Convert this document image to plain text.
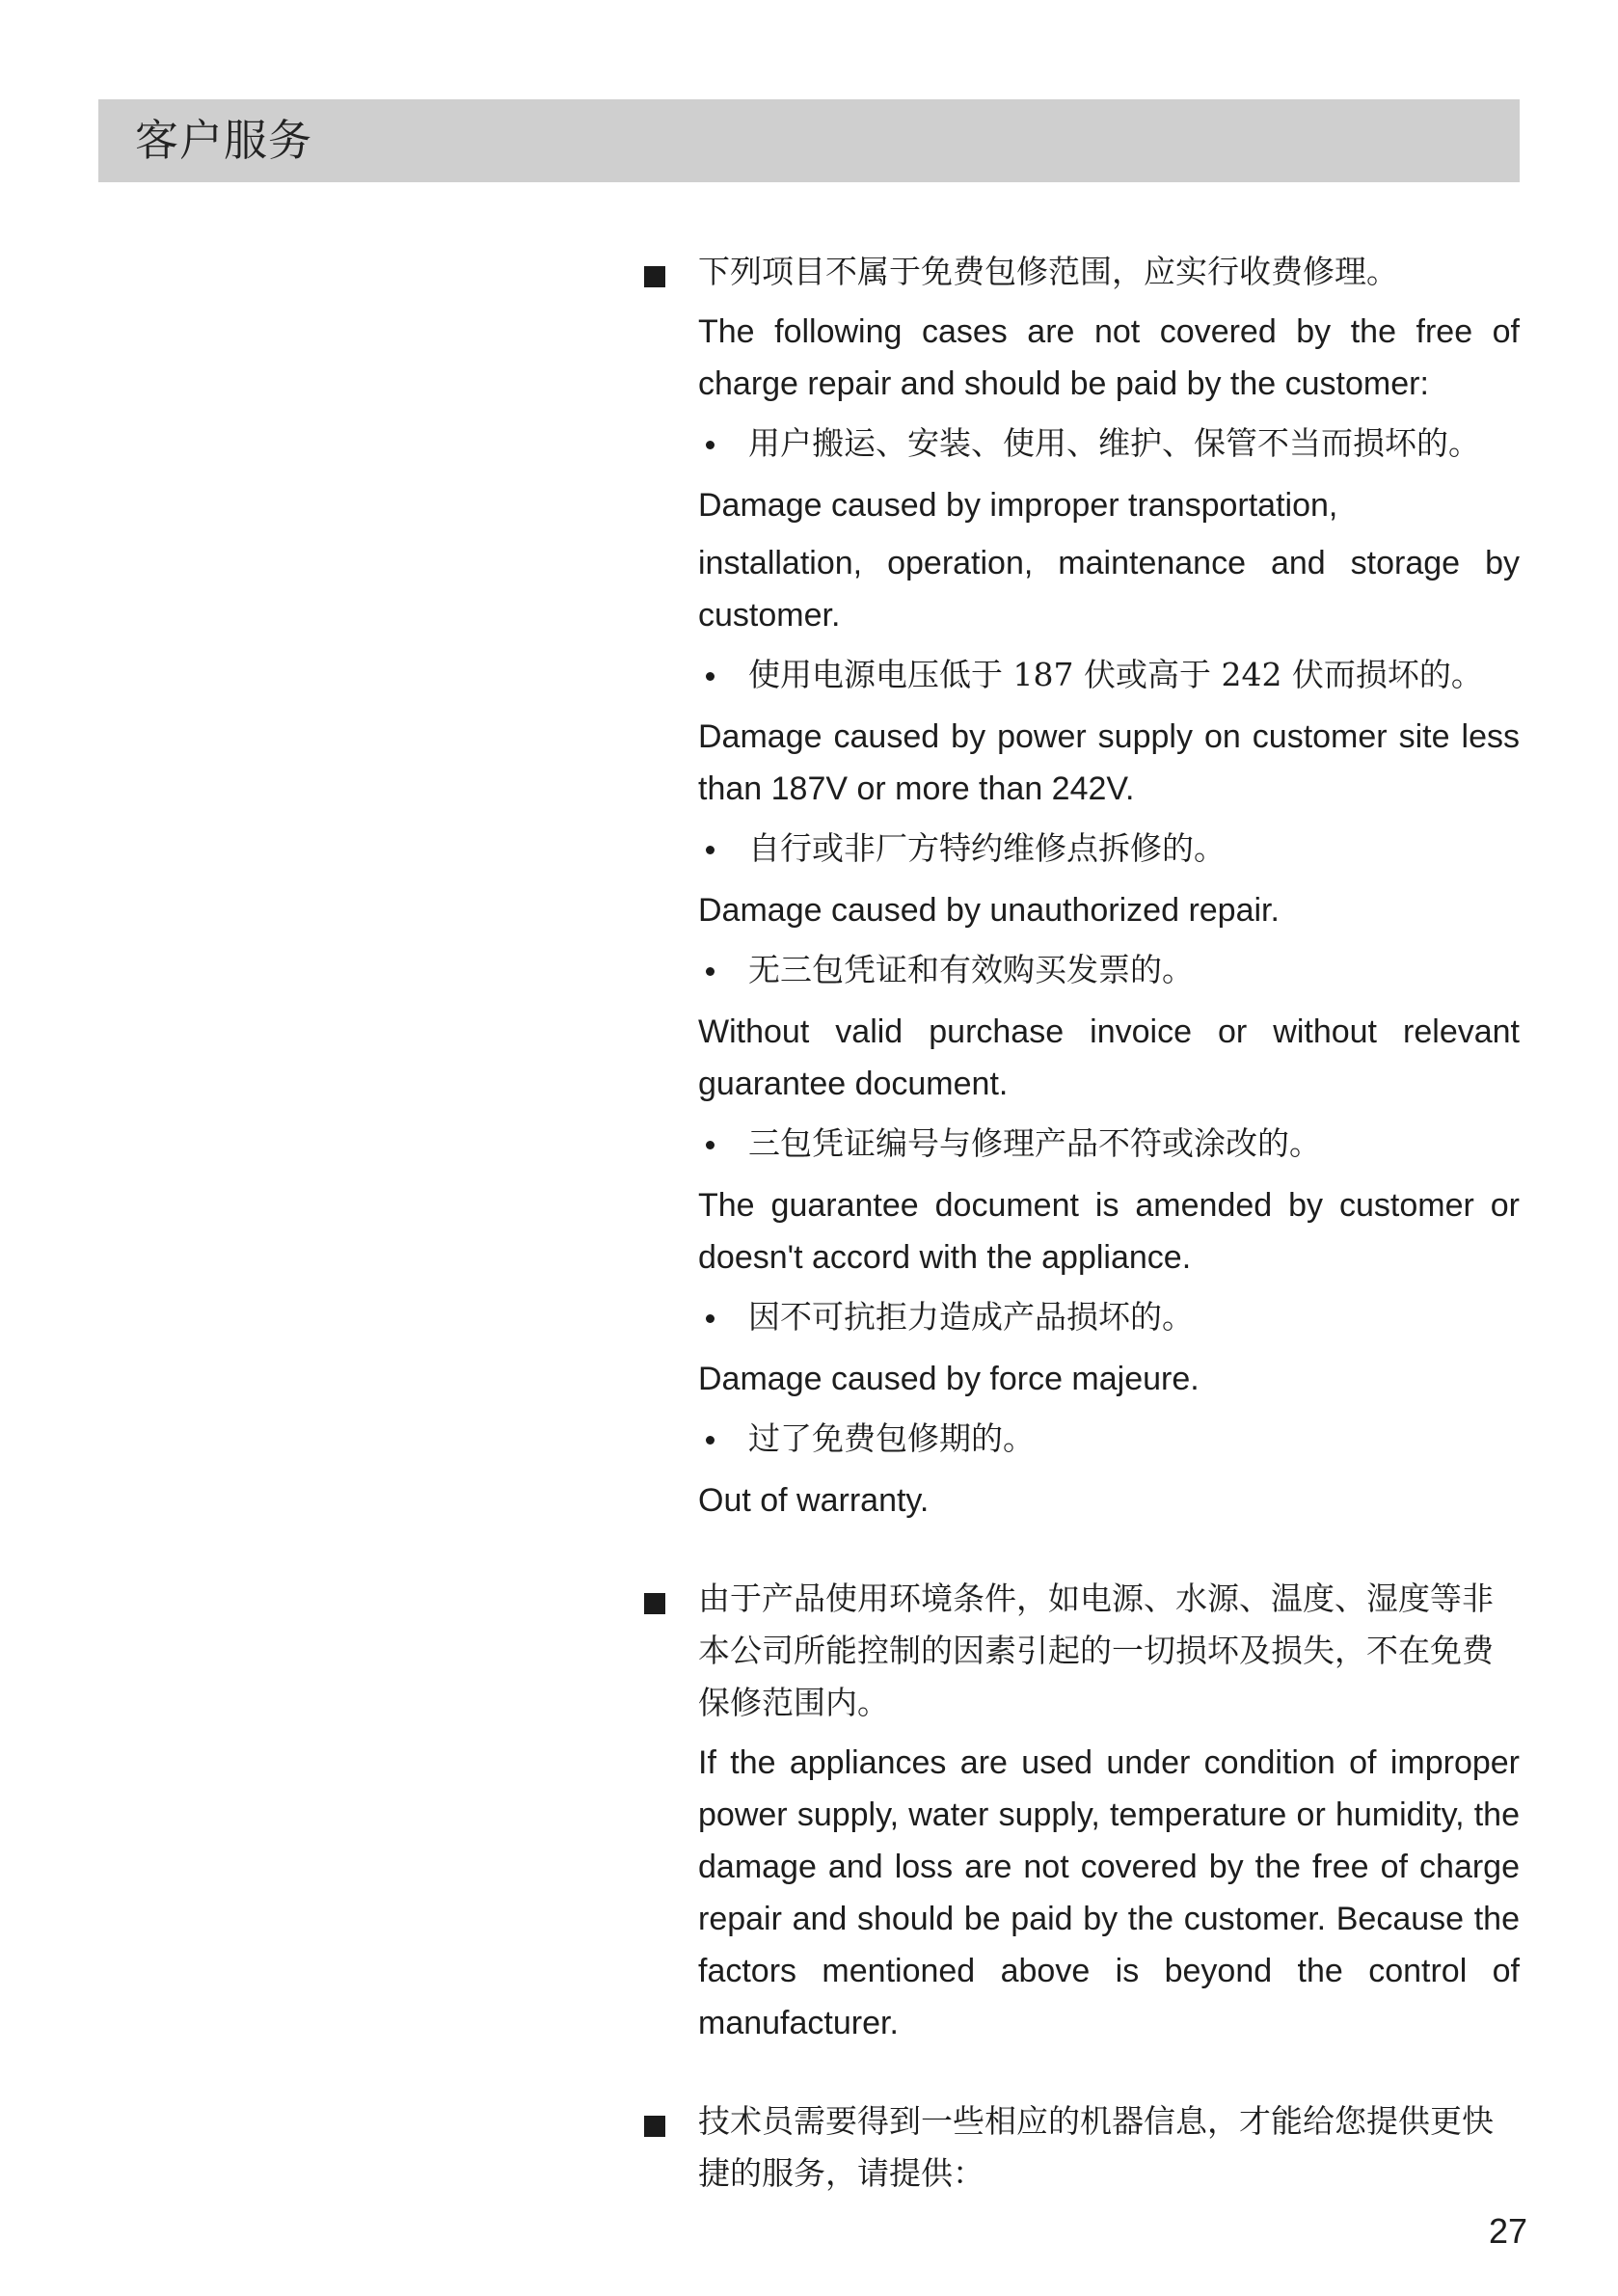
客户服务

下列项目不属于免费包修范围，应实行收费修理。

The following cases are not covered by the free of charge repair and should be paid by the customer:

用户搬运、安装、使用、维护、保管不当而损坏的。

Damage caused by improper transportation,

installation, operation, maintenance and storage by customer.

使用电源电压低于 187 伏或高于 242 伏而损坏的。

Damage caused by power supply on customer site less than 187V or more than 242V.

自行或非厂方特约维修点拆修的。

Damage caused by unauthorized repair.

无三包凭证和有效购买发票的。

Without valid purchase invoice or without relevant guarantee document.

三包凭证编号与修理产品不符或涂改的。

The guarantee document is amended by customer or doesn't accord with the appliance.

因不可抗拒力造成产品损坏的。

Damage caused by force majeure.

过了免费包修期的。

Out of warranty.

由于产品使用环境条件，如电源、水源、温度、湿度等非本公司所能控制的因素引起的一切损坏及损失，不在免费保修范围内。

If the appliances are used under condition of improper power supply, water supply, temperature or humidity, the damage and loss are not covered by the free of charge repair and should be paid by the customer. Because the factors mentioned above is beyond the control of manufacturer.

技术员需要得到一些相应的机器信息，才能给您提供更快捷的服务，请提供：

27
